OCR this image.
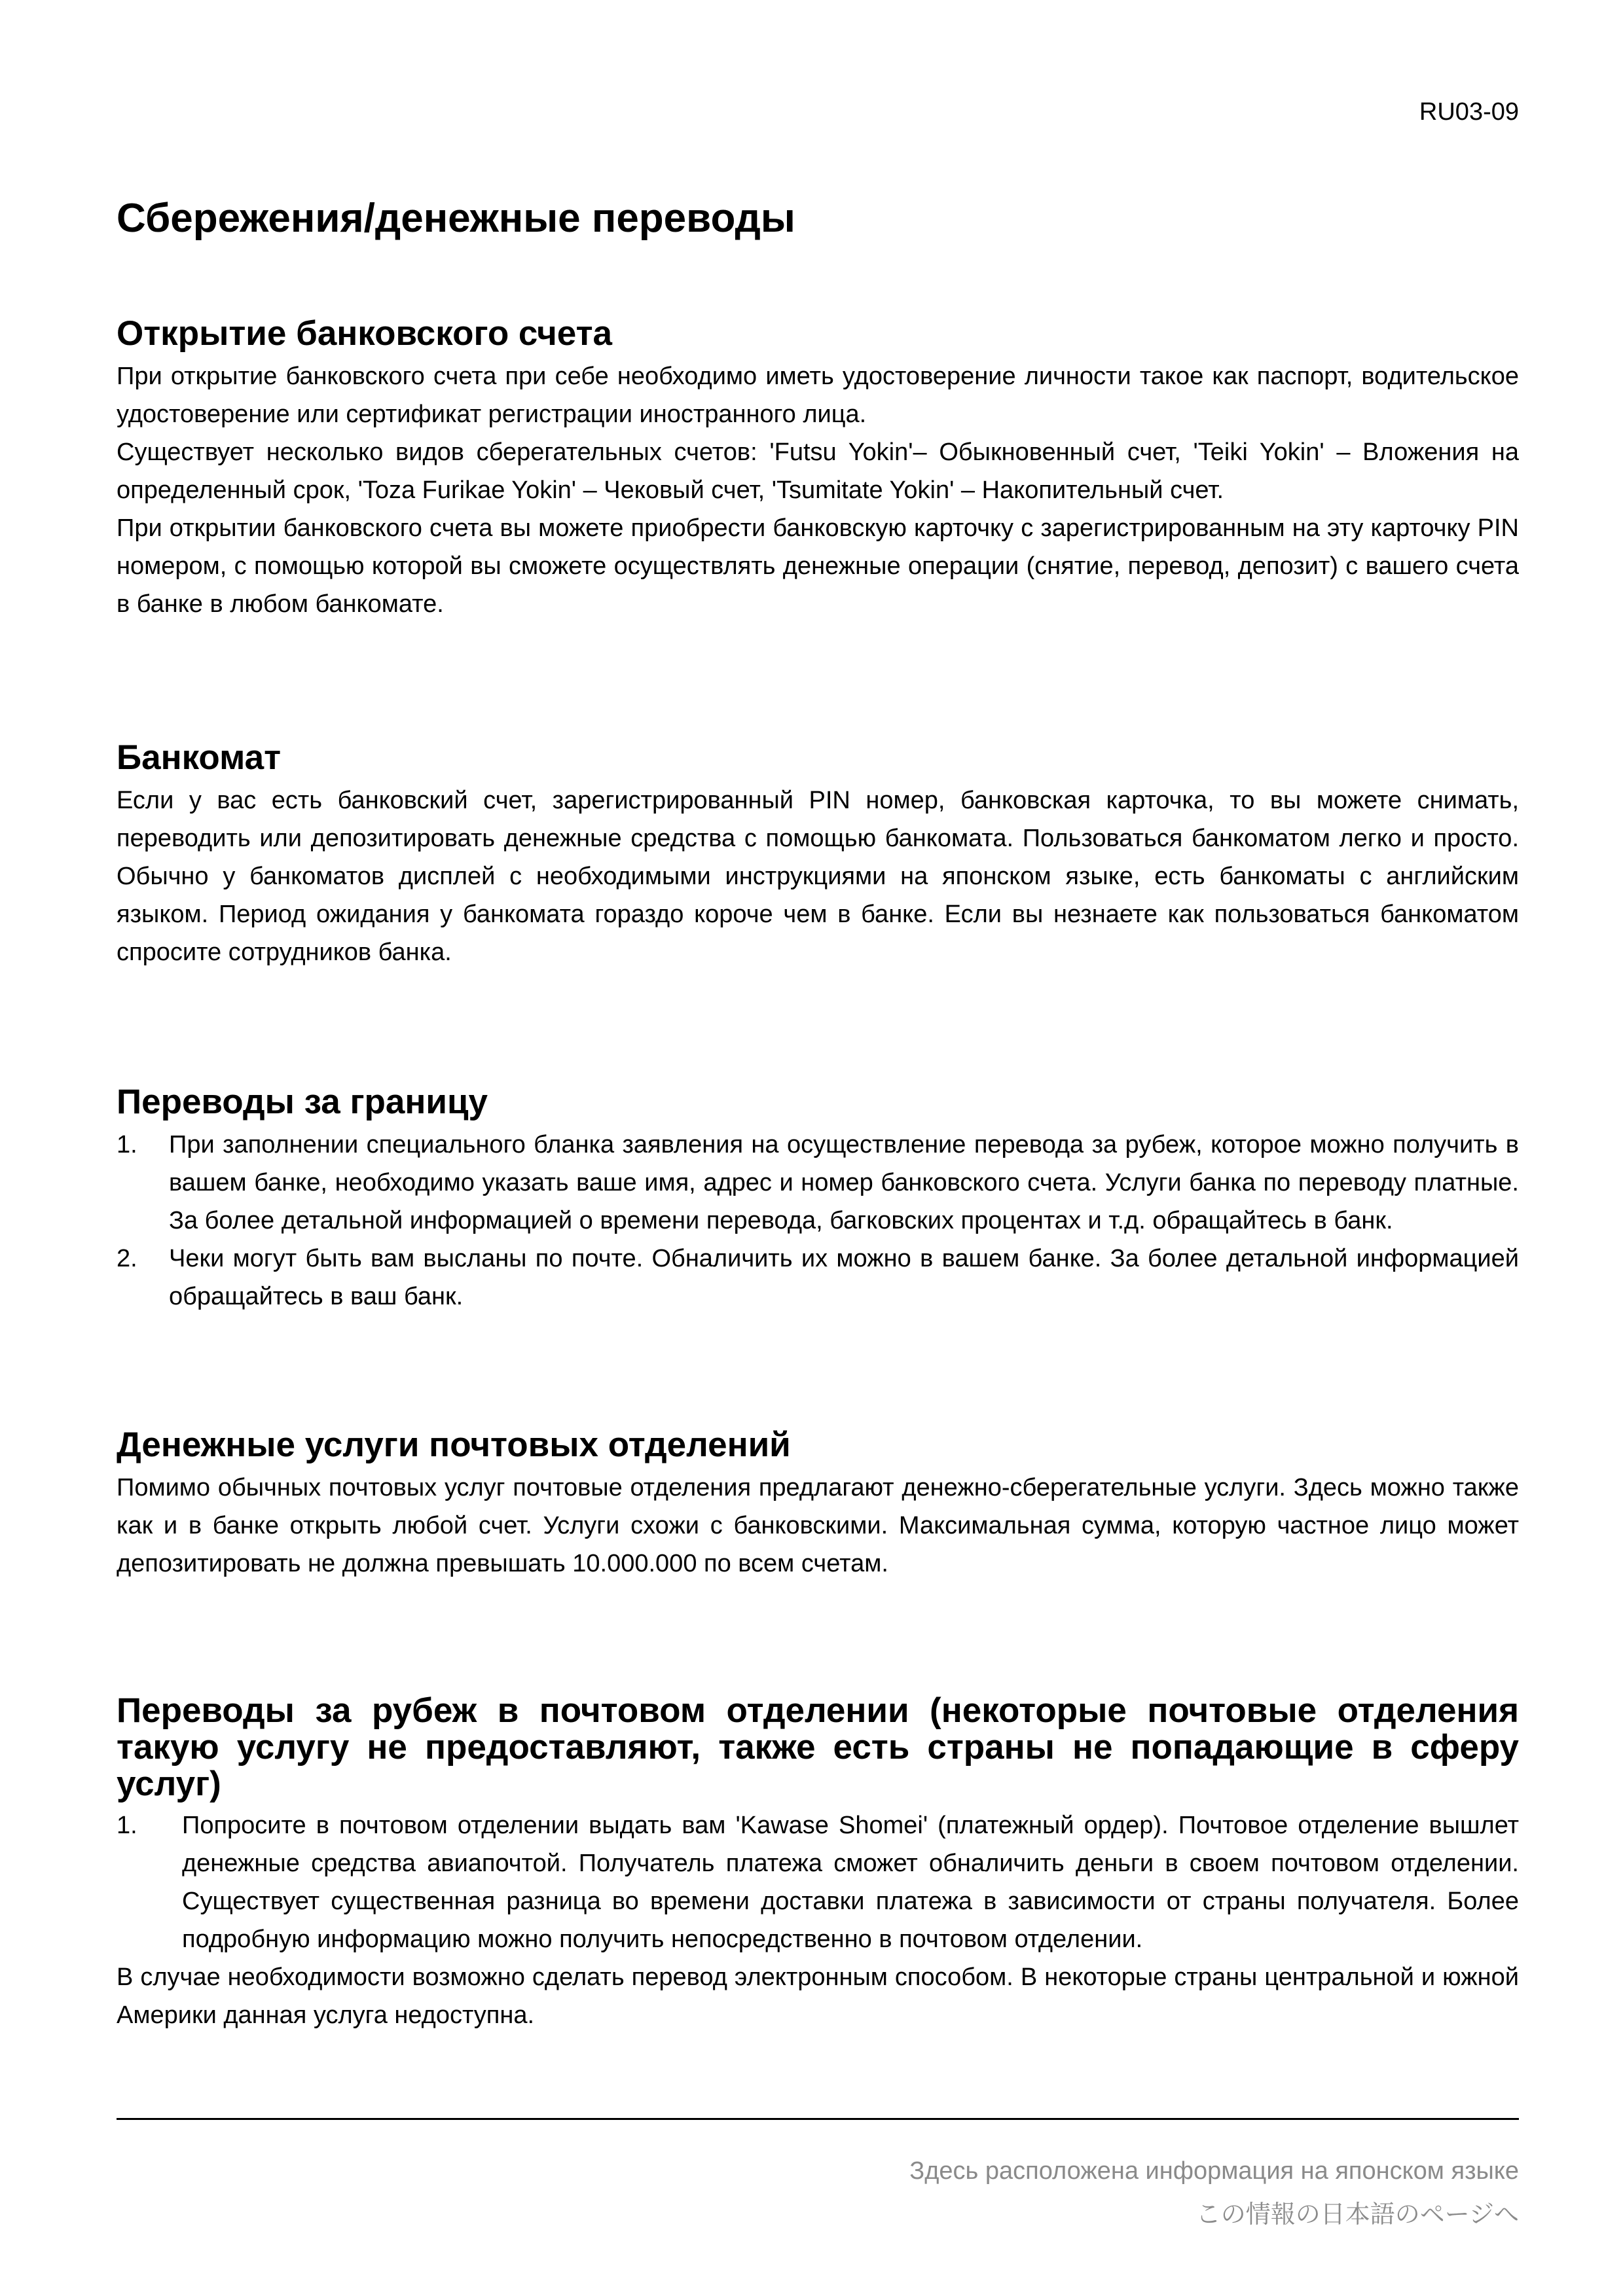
RU03-09
Сбережения/денежные переводы
Открытие банковского счета

При открытие банковского счета при себе необходимо иметь удостоверение личности такое как паспорт, водительское удостоверение или сертификат регистрации иностранного лица.

Существует несколько видов сберегательных счетов: 'Futsu Yokin'– Обыкновенный счет, 'Teiki Yokin' – Вложения на определенный срок, 'Toza Furikae Yokin' – Чековый счет, 'Tsumitate Yokin' – Накопительный счет.

При открытии банковского счета вы можете приобрести банковскую карточку с зарегистрированным на эту карточку PIN номером, с помощью которой вы сможете осуществлять денежные операции (снятие, перевод, депозит) с вашего счета в банке в любом банкомате.

Банкомат

Если у вас есть банковский счет, зарегистрированный PIN номер, банковская карточка, то вы можете снимать, переводить или депозитировать денежные средства с помощью банкомата. Пользоваться банкоматом легко и просто. Обычно у банкоматов дисплей с необходимыми инструкциями на японском языке, есть банкоматы с английским языком. Период ожидания у банкомата гораздо короче чем в банке. Если вы незнаете как пользоваться банкоматом спросите сотрудников банка.

Переводы за границу
1. При заполнении специального бланка заявления на осуществление перевода за рубеж, которое можно получить в вашем банке, необходимо указать ваше имя, адрес и номер банковского счета. Услуги банка по переводу платные. За более детальной информацией о времени перевода, багковских процентах и т.д. обращайтесь в банк.
2. Чеки могут быть вам высланы по почте. Обналичить их можно в вашем банке. За более детальной информацией обращайтесь в ваш банк.
Денежные услуги почтовых отделений

Помимо обычных почтовых услуг почтовые отделения предлагают денежно-сберегательные услуги. Здесь можно также как и в банке открыть любой счет. Услуги схожи с банковскими. Максимальная сумма, которую частное лицо может депозитировать не должна превышать 10.000.000 по всем счетам.

Переводы за рубеж в почтовом отделении (некоторые почтовые отделения такую услугу не предоставляют, также есть страны не попадающие в сферу услуг)
1. Попросите в почтовом отделении выдать вам 'Kawase Shomei' (платежный ордер). Почтовое отделение вышлет денежные средства авиапочтой. Получатель платежа сможет обналичить деньги в своем почтовом отделении. Существует существенная разница во времени доставки платежа в зависимости от страны получателя. Более подробную информацию можно получить непосредственно в почтовом отделении.

В случае необходимости возможно сделать перевод электронным способом. В некоторые страны центральной и южной Америки данная услуга недоступна.

Здесь расположена информация на японском языке
この情報の日本語のページへ
